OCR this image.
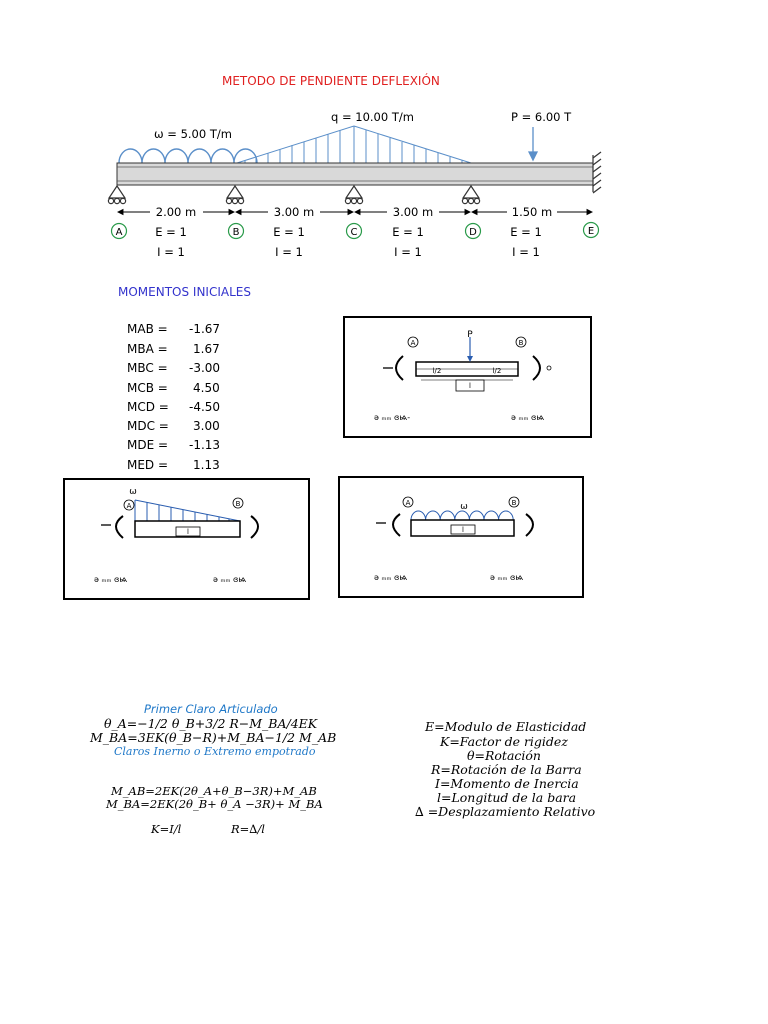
METODO DE PENDIENTE DEFLEXIÓN
ω = 5.00 T/m
q = 10.00 T/m	P = 6.00 T
2.00 m	3.00 m	3.00 m	1.50 m
A	B	C	D	E
E = 1	E = 1	E = 1	E = 1
I = 1	I = 1	I = 1	I = 1
MOMENTOS INICIALES
MAB = -1.67
MBA = 1.67
MBC = -3.00
MCB = 4.50
MCD = -4.50
MDC = 3.00
MDE = -1.13
MED = 1.13
ə ₘₘ ɞѩ-	ə ₘₘ ɞѩ
P
A	B
l/2	l/2
l
ə ₘₘ ɞѩ	ə ₘₘ ɞѩ
ω
A	B
l
ə ₘₘ ɞѩ	ə ₘₘ ɞѩ
ω
A	B
l
Primer Claro Articulado
θ_A=−1/2 θ_B+3/2 R−M_BA/4EK
M_BA=3EK(θ_B−R)+M_BA−1/2 M_AB
Claros Inerno o Extremo empotrado
M_AB=2EK(2θ_A+θ_B−3R)+M_AB
M_BA=2EK(2θ_B+ θ_A −3R)+ M_BA
K=I/l	R=∆/l
E=Modulo de Elasticidad
K=Factor de rigidez
θ=Rotación
R=Rotación de la Barra
I=Momento de Inercia
l=Longitud de la bara
∆ =Desplazamiento Relativo
